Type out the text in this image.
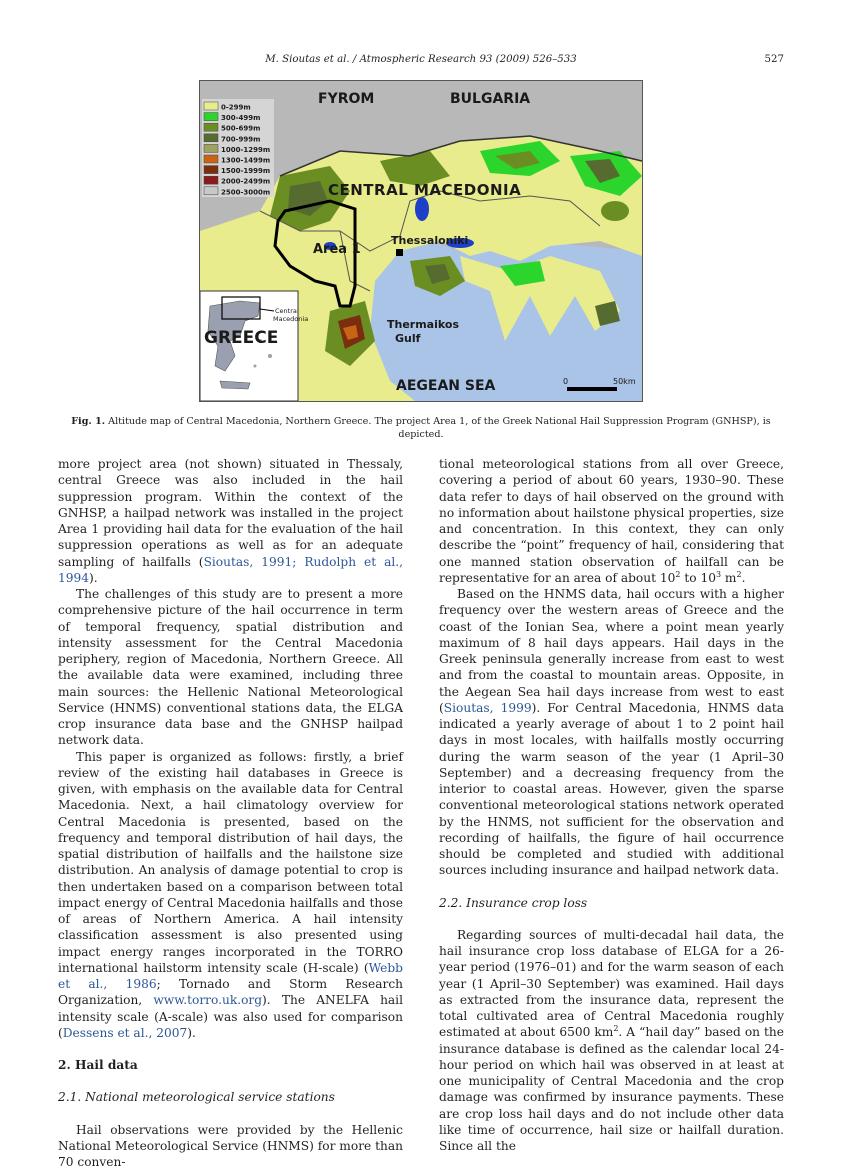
M. Sioutas et al. / Atmospheric Research 93 (2009) 526–533	527
0-299m
300-499m
500-699m
700-999m
1000-1299m
1300-1499m
1500-1999m
2000-2499m
2500-3000m
FYROM	BULGARIA
CENTRAL MACEDONIA
Area 1
Thessaloniki
Thermaikos
Gulf
AEGEAN SEA
Central
Macedonia
GREECE
0	50km
Fig. 1. Altitude map of Central Macedonia, Northern Greece. The project Area 1, of the Greek National Hail Suppression Program (GNHSP), is depicted.

more project area (not shown) situated in Thessaly, central Greece was also included in the hail suppression program. Within the context of the GNHSP, a hailpad network was installed in the project Area 1 providing hail data for the evaluation of the hail suppression operations as well as for an adequate sampling of hailfalls (Sioutas, 1991; Rudolph et al., 1994).

The challenges of this study are to present a more comprehensive picture of the hail occurrence in term of temporal frequency, spatial distribution and intensity assessment for the Central Macedonia periphery, region of Macedonia, Northern Greece. All the available data were examined, including three main sources: the Hellenic National Meteorological Service (HNMS) conventional stations data, the ELGA crop insurance data base and the GNHSP hailpad network data.

This paper is organized as follows: firstly, a brief review of the existing hail databases in Greece is given, with emphasis on the available data for Central Macedonia. Next, a hail climatology overview for Central Macedonia is presented, based on the frequency and temporal distribution of hail days, the spatial distribution of hailfalls and the hailstone size distribution. An analysis of damage potential to crop is then undertaken based on a comparison between total impact energy of Central Macedonia hailfalls and those of areas of Northern America. A hail intensity classification assessment is also presented using impact energy ranges incorporated in the TORRO international hailstorm intensity scale (H-scale) (Webb et al., 1986; Tornado and Storm Research Organization, www.torro.uk.org). The ANELFA hail intensity scale (A-scale) was also used for comparison (Dessens et al., 2007).

2. Hail data
2.1. National meteorological service stations

Hail observations were provided by the Hellenic National Meteorological Service (HNMS) for more than 70 conven-

tional meteorological stations from all over Greece, covering a period of about 60 years, 1930–90. These data refer to days of hail observed on the ground with no information about hailstone physical properties, size and concentration. In this context, they can only describe the “point” frequency of hail, considering that one manned station observation of hailfall can be representative for an area of about $10^2$ to $10^3$ $m^2$.

Based on the HNMS data, hail occurs with a higher frequency over the western areas of Greece and the coast of the Ionian Sea, where a point mean yearly maximum of 8 hail days appears. Hail days in the Greek peninsula generally increase from east to west and from the coastal to mountain areas. Opposite, in the Aegean Sea hail days increase from west to east (Sioutas, 1999). For Central Macedonia, HNMS data indicated a yearly average of about 1 to 2 point hail days in most locales, with hailfalls mostly occurring during the warm season of the year (1 April–30 September) and a decreasing frequency from the interior to coastal areas. However, given the sparse conventional meteorological stations network operated by the HNMS, not sufficient for the observation and recording of hailfalls, the figure of hail occurrence should be completed and studied with additional sources including insurance and hailpad network data.

2.2. Insurance crop loss

Regarding sources of multi-decadal hail data, the hail insurance crop loss database of ELGA for a 26-year period (1976–01) and for the warm season of each year (1 April–30 September) was examined. Hail days as extracted from the insurance data, represent the total cultivated area of Central Macedonia roughly estimated at about 6500 $km^2$. A “hail day” based on the insurance database is defined as the calendar local 24-hour period on which hail was observed in at least at one municipality of Central Macedonia and the crop damage was confirmed by insurance payments. These are crop loss hail days and do not include other data like time of occurrence, hail size or hailfall duration. Since all the
